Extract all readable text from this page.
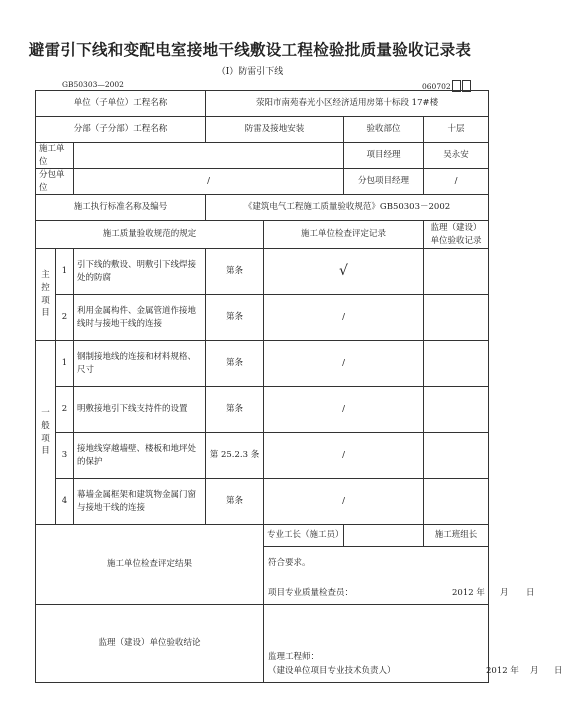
避雷引下线和变配电室接地干线敷设工程检验批质量验收记录表
（Ⅰ）防雷引下线
GB50303—2002	060702
单位（子单位）工程名称			荥阳市南苑春光小区经济适用房第十标段 17#楼			
分部（子分部）工程名称			防雷及接地安装		验收部位	十层
施工单位					项目经理	吴永安
分包单位		/			分包项目经理	/
施工执行标准名称及编号			《建筑电气工程施工质量验收规范》GB50303－2002			
施工质量验收规范的规定				施工单位检查评定记录		监理（建设）单位验收记录
主控项目	1	引下线的敷设、明敷引下线焊接处的防腐	第条	√		
	2	利用金属构件、金属管道作接地线时与接地干线的连接	第条	/		
一般项目	1	钢制接地线的连接和材料规格、尺寸	第条	/		
	2	明敷接地引下线支持件的设置	第条	/		
	3	接地线穿越墙壁、楼板和地坪处的保护	第 25.2.3 条	/		
	4	幕墙金属框架和建筑物金属门窗与接地干线的连接	第条	/		
施工单位检查评定结果				专业工长（施工员）		施工班组长

				符合要求。
项目专业质量检查员： 2012 年 月 日		

监理（建设）单位验收结论				监理工程师：
（建设单位项目专业技术负责人） 2012 年 月 日		
